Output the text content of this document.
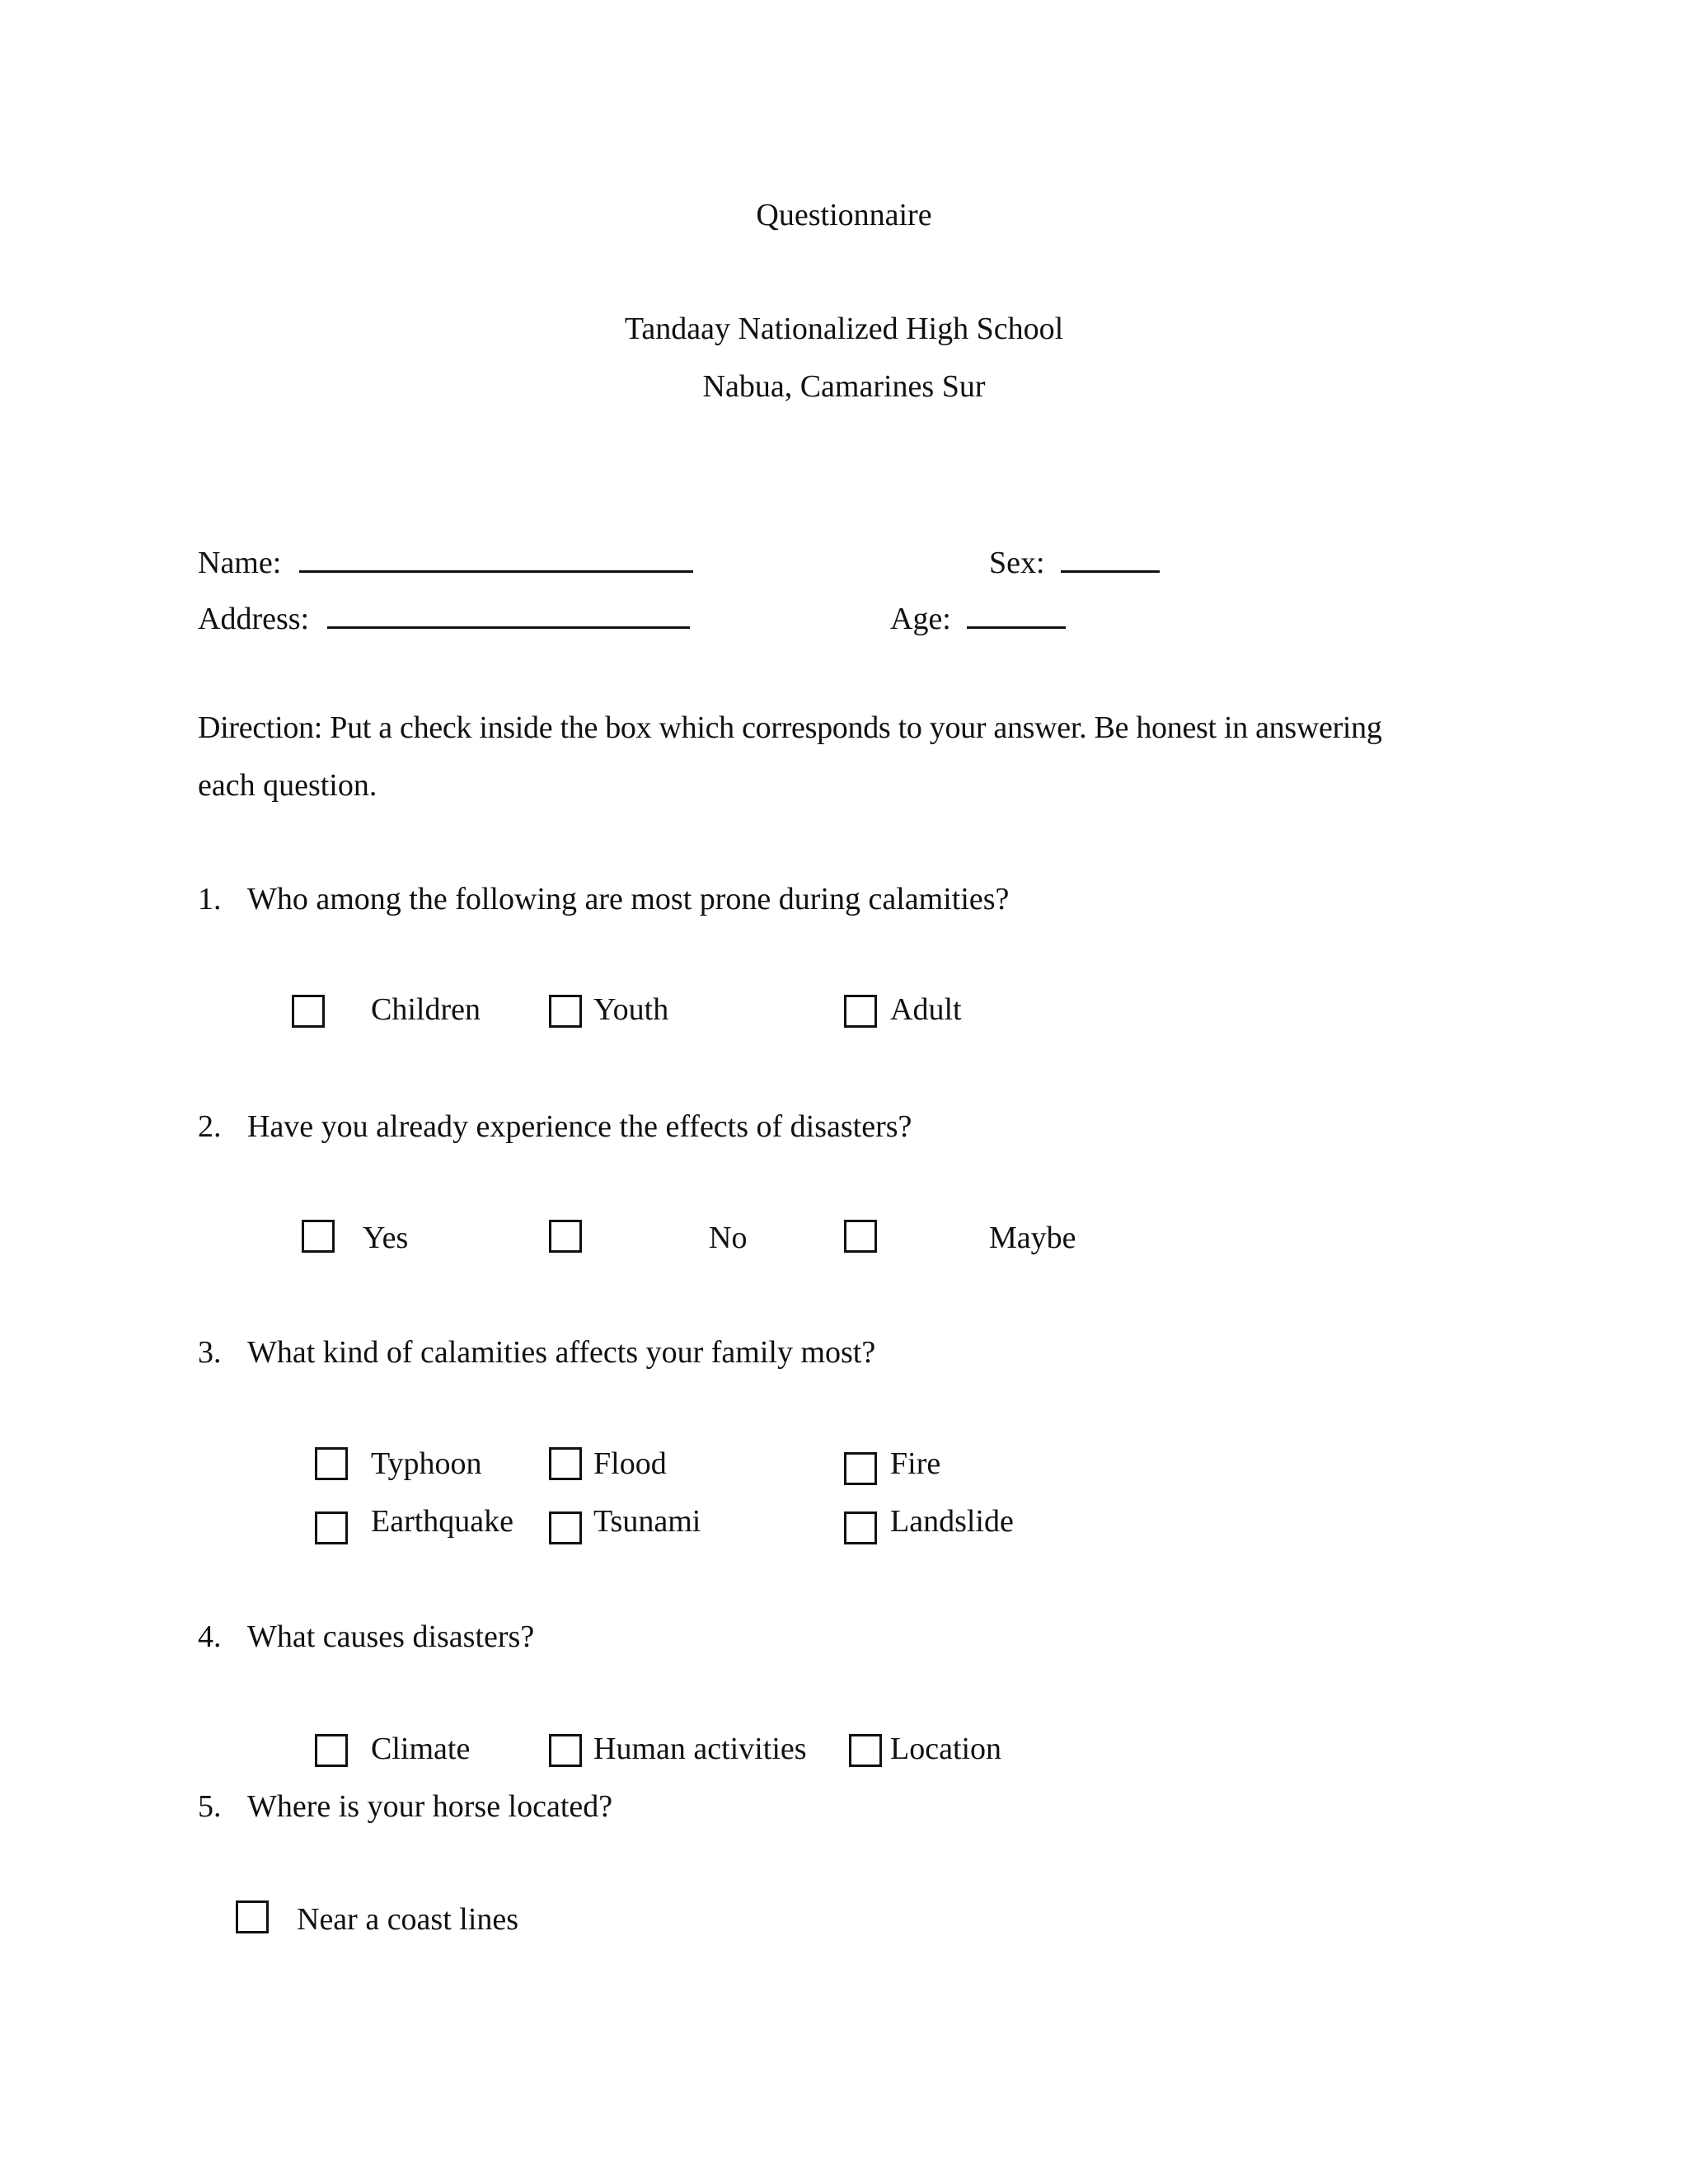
Questionnaire
Tandaay Nationalized High School
Nabua, Camarines Sur
Name:	Sex:
Address:	Age:
Direction: Put a check inside the box which corresponds to your answer. Be honest in answering
each question.
1. Who among the following are most prone during calamities?
Children	Youth	Adult
2. Have you already experience the effects of disasters?
Yes	No	Maybe
3. What kind of calamities affects your family most?
Typhoon	Flood	Fire
Earthquake	Tsunami	Landslide
4. What causes disasters?
Climate	Human activities	Location
5. Where is your horse located?
Near a coast lines
